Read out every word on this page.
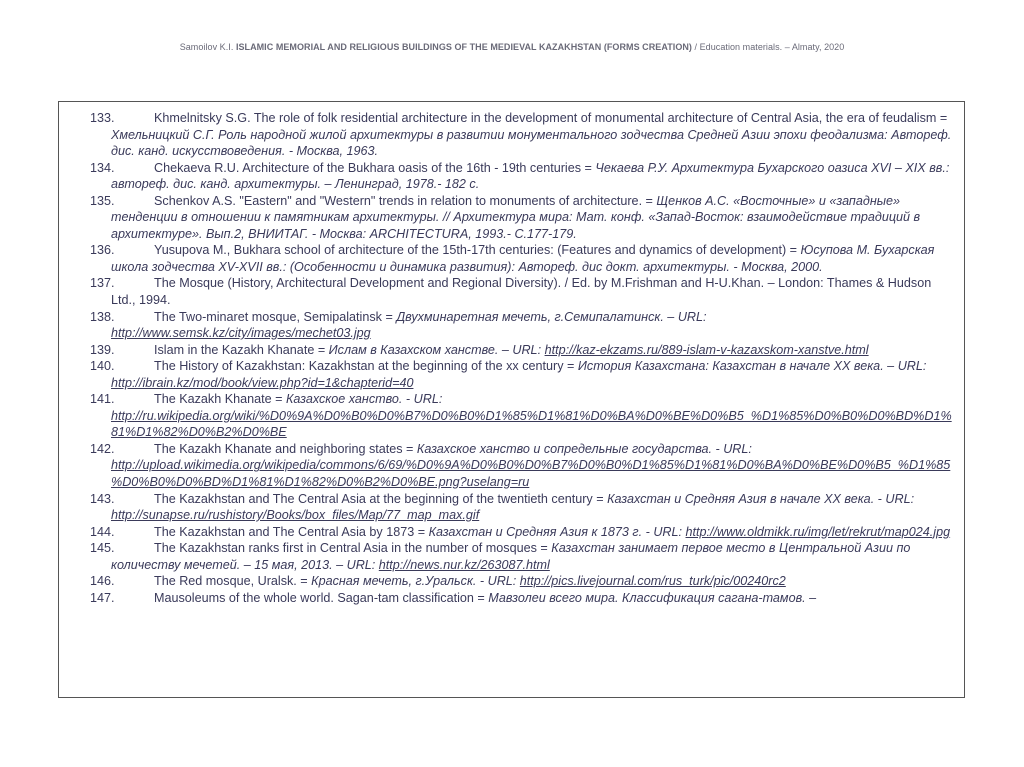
Samoilov K.I. ISLAMIC MEMORIAL AND RELIGIOUS BUILDINGS OF THE MEDIEVAL KAZAKHSTAN (FORMS CREATION) / Education materials. – Almaty, 2020
133.	Khmelnitsky S.G. The role of folk residential architecture in the development of monumental architecture of Central Asia, the era of feudalism = Хмельницкий С.Г. Роль народной жилой архитектуры в развитии монументального зодчества Средней Азии эпохи феодализма: Автореф. дис. канд. искусствоведения. - Москва, 1963.
134.	Chekaeva R.U. Architecture of the Bukhara oasis of the 16th - 19th centuries = Чекаева Р.У. Архитектура Бухарского оазиса XVI – XIX вв.: автореф. дис. канд. архитектуры. – Ленинград, 1978.- 182 с.
135.	Schenkov A.S. "Eastern" and "Western" trends in relation to monuments of architecture. = Щенков А.С. «Восточные» и «западные» тенденции в отношении к памятникам архитектуры. // Архитектура мира: Мат. конф. «Запад-Восток: взаимодействие традиций в архитектуре». Вып.2, ВНИИТАГ. - Москва: ARCHITECTURA, 1993.- С.177-179.
136.	Yusupova M., Bukhara school of architecture of the 15th-17th centuries: (Features and dynamics of development) = Юсупова М. Бухарская школа зодчества XV-XVII вв.: (Особенности и динамика развития): Автореф. дис докт. архитектуры. - Москва, 2000.
137.	The Mosque (History, Architectural Development and Regional Diversity). / Ed. by M.Frishman and H-U.Khan. – London: Thames & Hudson Ltd., 1994.
138.	The Two-minaret mosque, Semipalatinsk = Двухминаретная мечеть, г.Семипалатинск. – URL: http://www.semsk.kz/city/images/mechet03.jpg
139.	Islam in the Kazakh Khanate = Ислам в Казахском ханстве. – URL: http://kaz-ekzams.ru/889-islam-v-kazaxskom-xanstve.html
140.	The History of Kazakhstan: Kazakhstan at the beginning of the xx century = История Казахстана: Казахстан в начале XX века. – URL: http://ibrain.kz/mod/book/view.php?id=1&chapterid=40
141.	The Kazakh Khanate = Казахское ханство. - URL: http://ru.wikipedia.org/wiki/%D0%9A%D0%B0%D0%B7%D0%B0%D1%85%D1%81%D0%BA%D0%BE%D0%B5_%D1%85%D0%B0%D0%BD%D1%81%D1%82%D0%B2%D0%BE
142.	The Kazakh Khanate and neighboring states = Казахское ханство и сопредельные государства. - URL: http://upload.wikimedia.org/wikipedia/commons/6/69/%D0%9A%D0%B0%D0%B7%D0%B0%D1%85%D1%81%D0%BA%D0%BE%D0%B5_%D1%85%D0%B0%D0%BD%D1%81%D1%82%D0%B2%D0%BE.png?uselang=ru
143.	The Kazakhstan and The Central Asia at the beginning of the twentieth century = Казахстан и Средняя Азия в начале XX века. - URL: http://sunapse.ru/rushistory/Books/box_files/Map/77_map_max.gif
144.	The Kazakhstan and The Central Asia by 1873 = Казахстан и Средняя Азия к 1873 г. - URL: http://www.oldmikk.ru/img/let/rekrut/map024.jpg
145.	The Kazakhstan ranks first in Central Asia in the number of mosques = Казахстан занимает первое место в Центральной Азии по количеству мечетей. – 15 мая, 2013. – URL: http://news.nur.kz/263087.html
146.	The Red mosque, Uralsk. = Красная мечеть, г.Уральск. - URL: http://pics.livejournal.com/rus_turk/pic/00240rc2
147.	Mausoleums of the whole world. Sagan-tam classification = Мавзолеи всего мира. Классификация сагана-тамов. –
